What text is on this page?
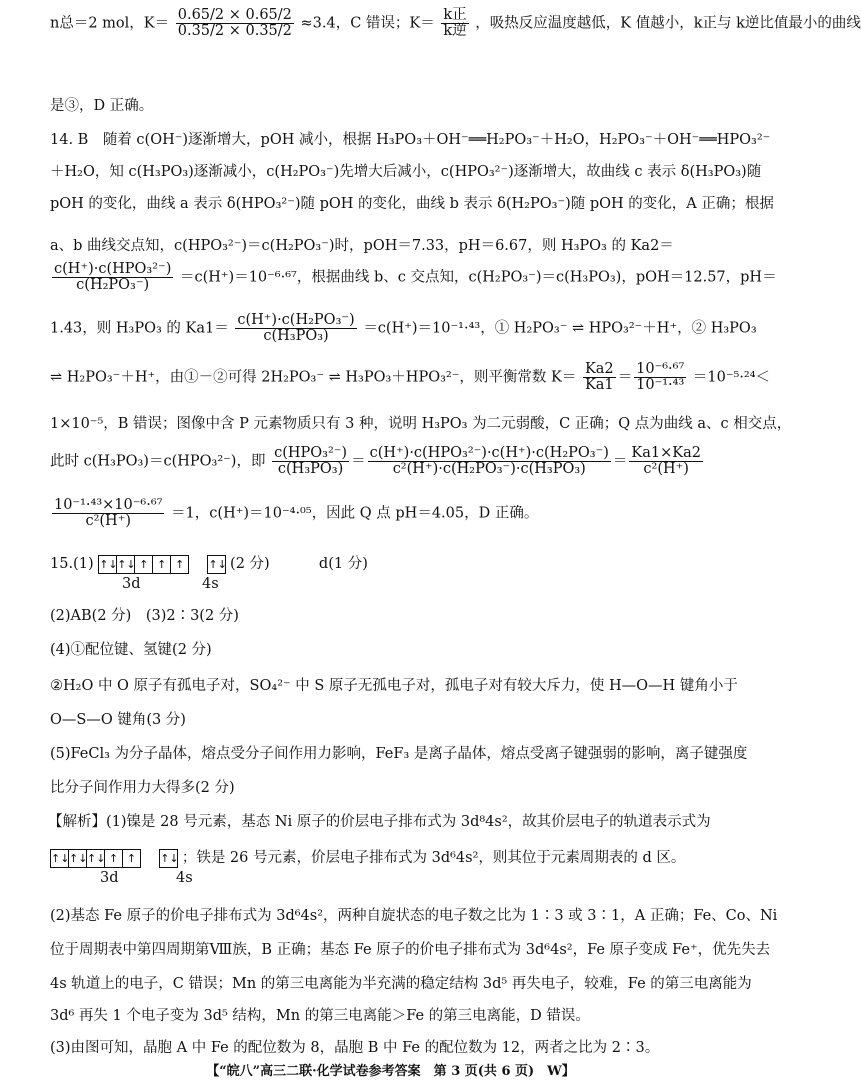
n总＝2 mol，$K= \frac{0.65/2 \times 0.65/2}{0.35/2 \times 0.35/2} \approx 3.4$，C 错误；$K= \frac{\text{k正}}{\text{k逆}}$ ，吸热反应温度越低，K 值越小，k正与 k逆比值最小的曲线
是③，D 正确。
14. B　随着 c(OH⁻)逐渐增大，pOH 减小，根据 H₃PO₃＋OH⁻══H₂PO₃⁻＋H₂O，H₂PO₃⁻＋OH⁻══HPO₃²⁻
＋H₂O，知 c(H₃PO₃)逐渐减小，c(H₂PO₃⁻)先增大后减小，c(HPO₃²⁻)逐渐增大，故曲线 c 表示 δ(H₃PO₃)随
pOH 的变化，曲线 a 表示 δ(HPO₃²⁻)随 pOH 的变化，曲线 b 表示 δ(H₂PO₃⁻)随 pOH 的变化，A 正确；根据
a、b 曲线交点知，c(HPO₃²⁻)＝c(H₂PO₃⁻)时，pOH＝7.33，pH＝6.67，则 H₃PO₃ 的 Ka2＝
$\frac{\text{c(H⁺)·c(HPO₃²⁻)}}{\text{c(H₂PO₃⁻)}} =c(H^+)=10^{-6}\cdot^{67}$，根据曲线 b、c 交点知，c(H₂PO₃⁻)＝c(H₃PO₃)，pOH＝12.57，pH＝
1.43，则 H₃PO₃ 的 $Ka1= \frac{\text{c(H⁺)·c(H₂PO₃⁻)}}{\text{c(H₃PO₃)}} =c(H^+)=10^{-1}\cdot^{43}$，① H₂PO₃⁻ ⇌ HPO₃²⁻＋H⁺，② H₃PO₃
⇌ H₂PO₃⁻＋H⁺，由①－②可得 2H₂PO₃⁻ ⇌ H₃PO₃＋HPO₃²⁻，则平衡常数 $K= \frac{Ka2}{Ka1} = \frac{\text{10⁻⁶·⁶⁷}}{\text{10⁻¹·⁴³}} =10^{-5}\cdot^{24}<$
1×10⁻⁵，B 错误；图像中含 P 元素物质只有 3 种，说明 H₃PO₃ 为二元弱酸，C 正确；Q 点为曲线 a、c 相交点，
此时 c(H₃PO₃)＝c(HPO₃²⁻)，即 $\frac{\text{c(HPO₃²⁻)}}{\text{c(H₃PO₃)}} = \frac{\text{c(H⁺)·c(HPO₃²⁻)·c(H⁺)·c(H₂PO₃⁻)}}{\text{c²(H⁺)·c(H₂PO₃⁻)·c(H₃PO₃)}} = \frac{Ka1\times Ka2}{\text{c²(H⁺)}}$
$\frac{\text{10⁻¹·⁴³×10⁻⁶·⁶⁷}}{\text{c²(H⁺)}} =1$，c(H⁺)＝10⁻⁴·⁰⁵，因此 Q 点 pH＝4.05，D 正确。
15.(1) ↑↓↑↓ ↑ ↑ ↑ ↑↓ (2 分)	d(1 分)
3d	4s
(2)AB(2 分)　(3)2∶3(2 分)
(4)①配位键、氢键(2 分)
②H₂O 中 O 原子有孤电子对，SO₄²⁻ 中 S 原子无孤电子对，孤电子对有较大斥力，使 H—O—H 键角小于
O—S—O 键角(3 分)
(5)FeCl₃ 为分子晶体，熔点受分子间作用力影响，FeF₃ 是离子晶体，熔点受离子键强弱的影响，离子键强度
比分子间作用力大得多(2 分)
【解析】(1)镍是 28 号元素，基态 Ni 原子的价层电子排布式为 3d⁸4s²，故其价层电子的轨道表示式为
↑↓↑↓↑↓ ↑ ↑ ↑↓ ；铁是 26 号元素，价层电子排布式为 3d⁶4s²，则其位于元素周期表的 d 区。
3d	4s
(2)基态 Fe 原子的价电子排布式为 3d⁶4s²，两种自旋状态的电子数之比为 1∶3 或 3∶1，A 正确；Fe、Co、Ni
位于周期表中第四周期第Ⅷ族，B 正确；基态 Fe 原子的价电子排布式为 3d⁶4s²，Fe 原子变成 Fe⁺，优先失去
4s 轨道上的电子，C 错误；Mn 的第三电离能为半充满的稳定结构 3d⁵ 再失电子，较难，Fe 的第三电离能为
3d⁶ 再失 1 个电子变为 3d⁵ 结构，Mn 的第三电离能＞Fe 的第三电离能，D 错误。
(3)由图可知，晶胞 A 中 Fe 的配位数为 8，晶胞 B 中 Fe 的配位数为 12，两者之比为 2∶3。
【“皖八”高三二联·化学试卷参考答案　第 3 页(共 6 页)　W】
